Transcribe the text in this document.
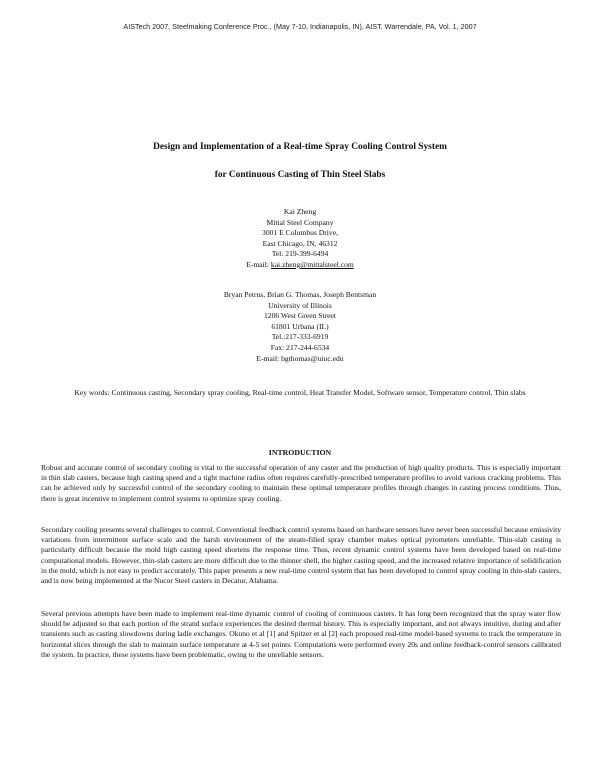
AISTech 2007, Steelmaking Conference Proc., (May 7-10, Indianapolis, IN), AIST, Warrendale, PA, Vol. 1, 2007
Design and Implementation of a Real-time Spray Cooling Control System
for Continuous Casting of Thin Steel Slabs
Kai Zheng
Mittal Steel Company
3001 E Columbus Drive,
East Chicago, IN, 46312
Tel: 219-399-6494
E-mail: kai.zheng@mittalsteel.com
Bryan Petrus, Brian G. Thomas, Joseph Bentsman
University of Illinois
1206 West Green Street
61801 Urbana (IL)
Tel.:217-333-6919
Fax: 217-244-6534
E-mail: bgthomas@uiuc.edu
Key words: Continuous casting, Secondary spray cooling, Real-time control, Heat Transfer Model, Software sensor, Temperature control, Thin slabs
INTRODUCTION

Robust and accurate control of secondary cooling is vital to the successful operation of any caster and the production of high quality products. This is especially important in thin slab casters, because high casting speed and a tight machine radius often requires carefully-prescribed temperature profiles to avoid various cracking problems. This can be achieved only by successful control of the secondary cooling to maintain these optimal temperature profiles through changes in casting process conditions. Thus, there is great incentive to implement control systems to optimize spray cooling.

Secondary cooling presents several challenges to control. Conventional feedback control systems based on hardware sensors have never been successful because emissivity variations from intermittent surface scale and the harsh environment of the steam-filled spray chamber makes optical pyrometers unreliable. Thin-slab casting is particularly difficult because the mold high casting speed shortens the response time. Thus, recent dynamic control systems have been developed based on real-time computational models. However, thin-slab casters are more difficult due to the thinner shell, the higher casting speed, and the increased relative importance of solidification in the mold, which is not easy to predict accurately. This paper presents a new real-time control system that has been developed to control spray cooling in thin-slab casters, and is now being implemented at the Nucor Steel casters in Decatur, Alabama.

Several previous attempts have been made to implement real-time dynamic control of cooling of continuous casters. It has long been recognized that the spray water flow should be adjusted so that each portion of the strand surface experiences the desired thermal history. This is especially important, and not always intuitive, during and after transients such as casting slowdowns during ladle exchanges. Okuno et al [1] and Spitzer et al [2] each proposed real-time model-based systems to track the temperature in horizontal slices through the slab to maintain surface temperature at 4-5 set points. Computations were performed every 20s and online feedback-control sensors calibrated the system. In practice, these systems have been problematic, owing to the unreliable sensors.
